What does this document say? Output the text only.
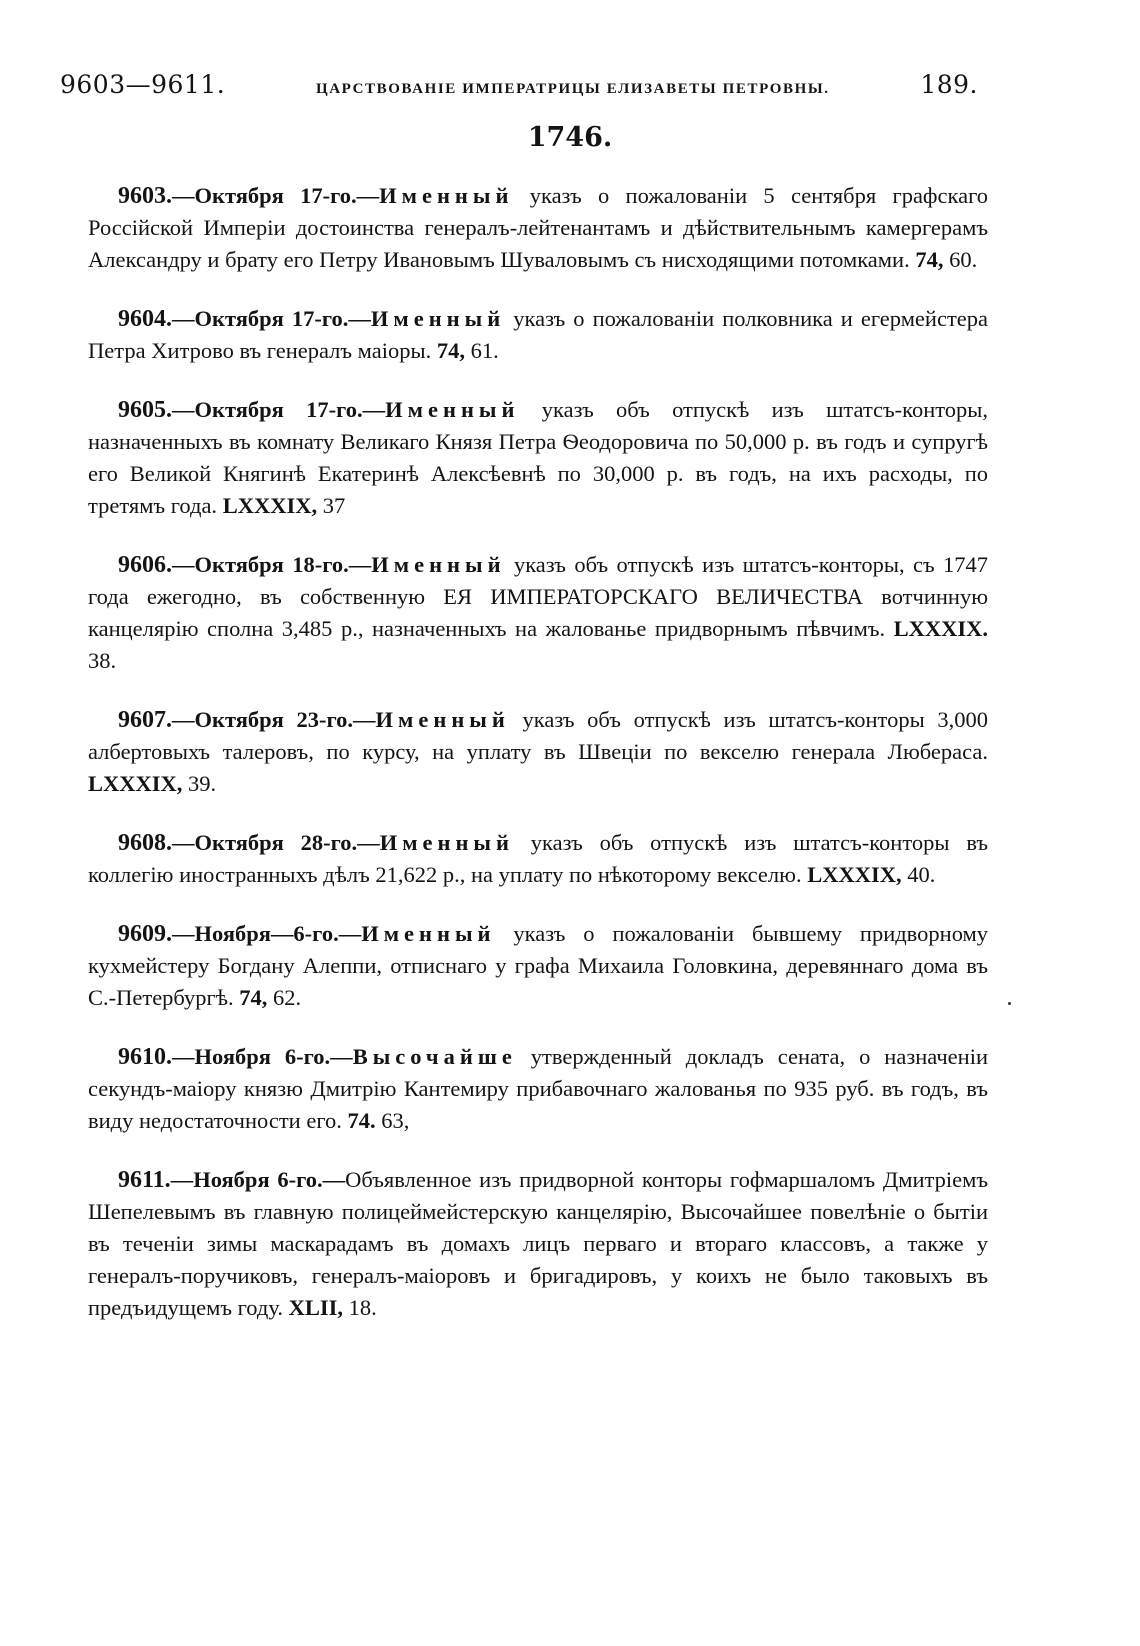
9603—9611.	ЦАРСТВОВАНІЕ ИМПЕРАТРИЦЫ ЕЛИЗАВЕТЫ ПЕТРОВНЫ.	189.
1746.

9603.—Октября 17-го.—Именный указъ о пожалованіи 5 сентября графскаго Россійской Имперіи достоинства генералъ-лейтенантамъ и дѣйствительнымъ камергерамъ Александру и брату его Петру Ивановымъ Шуваловымъ съ нисходящими потомками. 74, 60.

9604.—Октября 17-го.—Именный указъ о пожалованіи полковника и егермейстера Петра Хитрово въ генералъ маіоры. 74, 61.

9605.—Октября 17-го.—Именный указъ объ отпускѣ изъ штатсъ-конторы, назначенныхъ въ комнату Великаго Князя Петра Ѳеодоровича по 50,000 р. въ годъ и супругѣ его Великой Княгинѣ Екатеринѣ Алексѣевнѣ по 30,000 р. въ годъ, на ихъ расходы, по третямъ года. LXXXIX, 37

9606.—Октября 18-го.—Именный указъ объ отпускѣ изъ штатсъ-конторы, съ 1747 года ежегодно, въ собственную ЕЯ ИМПЕРАТОРСКАГО ВЕЛИЧЕСТВА вотчинную канцелярію сполна 3,485 р., назначенныхъ на жалованье придворнымъ пѣвчимъ. LXXXIX. 38.

9607.—Октября 23-го.—Именный указъ объ отпускѣ изъ штатсъ-конторы 3,000 албертовыхъ талеровъ, по курсу, на уплату въ Швеціи по векселю генерала Любераса. LXXXIX, 39.

9608.—Октября 28-го.—Именный указъ объ отпускѣ изъ штатсъ-конторы въ коллегію иностранныхъ дѣлъ 21,622 р., на уплату по нѣкоторому векселю. LXXXIX, 40.

9609.—Ноября—6-го.—Именный указъ о пожалованіи бывшему придворному кухмейстеру Богдану Алеппи, отписнаго у графа Михаила Головкина, деревяннаго дома въ С.-Петербургѣ. 74, 62.

9610.—Ноября 6-го.—Высочайше утвержденный докладъ сената, о назначеніи секундъ-маіору князю Дмитрію Кантемиру прибавочнаго жалованья по 935 руб. въ годъ, въ виду недостаточности его. 74. 63,

9611.—Ноября 6-го.—Объявленное изъ придворной конторы гофмаршаломъ Дмитріемъ Шепелевымъ въ главную полицеймейстерскую канцелярію, Высочайшее повелѣніе о бытіи въ теченіи зимы маскарадамъ въ домахъ лицъ перваго и втораго классовъ, а также у генералъ-поручиковъ, генералъ-маіоровъ и бригадировъ, у коихъ не было таковыхъ въ предъидущемъ году. XLII, 18.
